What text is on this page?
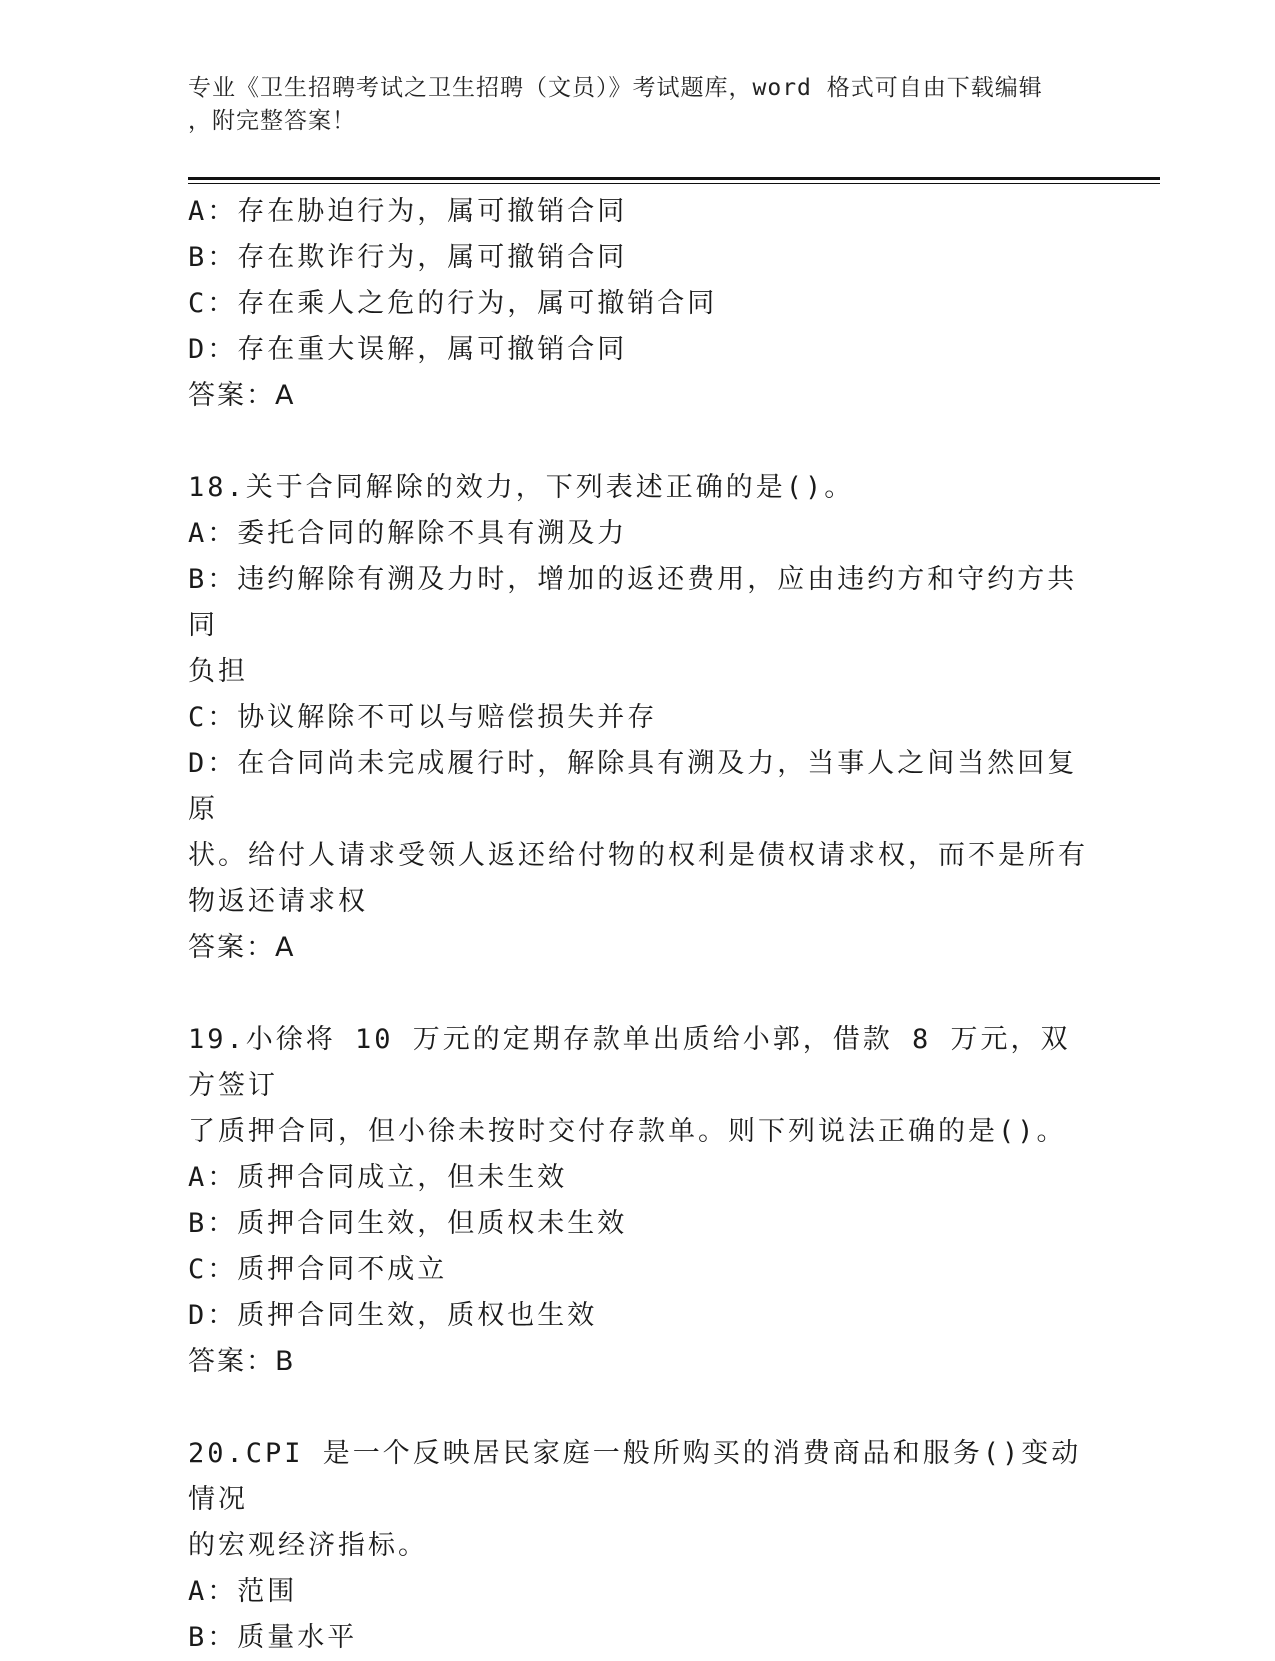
专业《卫生招聘考试之卫生招聘（文员）》考试题库，word 格式可自由下载编辑
，附完整答案！

A：存在胁迫行为，属可撤销合同

B：存在欺诈行为，属可撤销合同

C：存在乘人之危的行为，属可撤销合同

D：存在重大误解，属可撤销合同

答案：A

18.关于合同解除的效力，下列表述正确的是()。

A：委托合同的解除不具有溯及力

B：违约解除有溯及力时，增加的返还费用，应由违约方和守约方共同

负担

C：协议解除不可以与赔偿损失并存

D：在合同尚未完成履行时，解除具有溯及力，当事人之间当然回复原

状。给付人请求受领人返还给付物的权利是债权请求权，而不是所有

物返还请求权

答案：A

19.小徐将 10 万元的定期存款单出质给小郭，借款 8 万元，双方签订

了质押合同，但小徐未按时交付存款单。则下列说法正确的是()。

A：质押合同成立，但未生效

B：质押合同生效，但质权未生效

C：质押合同不成立

D：质押合同生效，质权也生效

答案：B

20.CPI 是一个反映居民家庭一般所购买的消费商品和服务()变动情况

的宏观经济指标。

A：范围

B：质量水平
